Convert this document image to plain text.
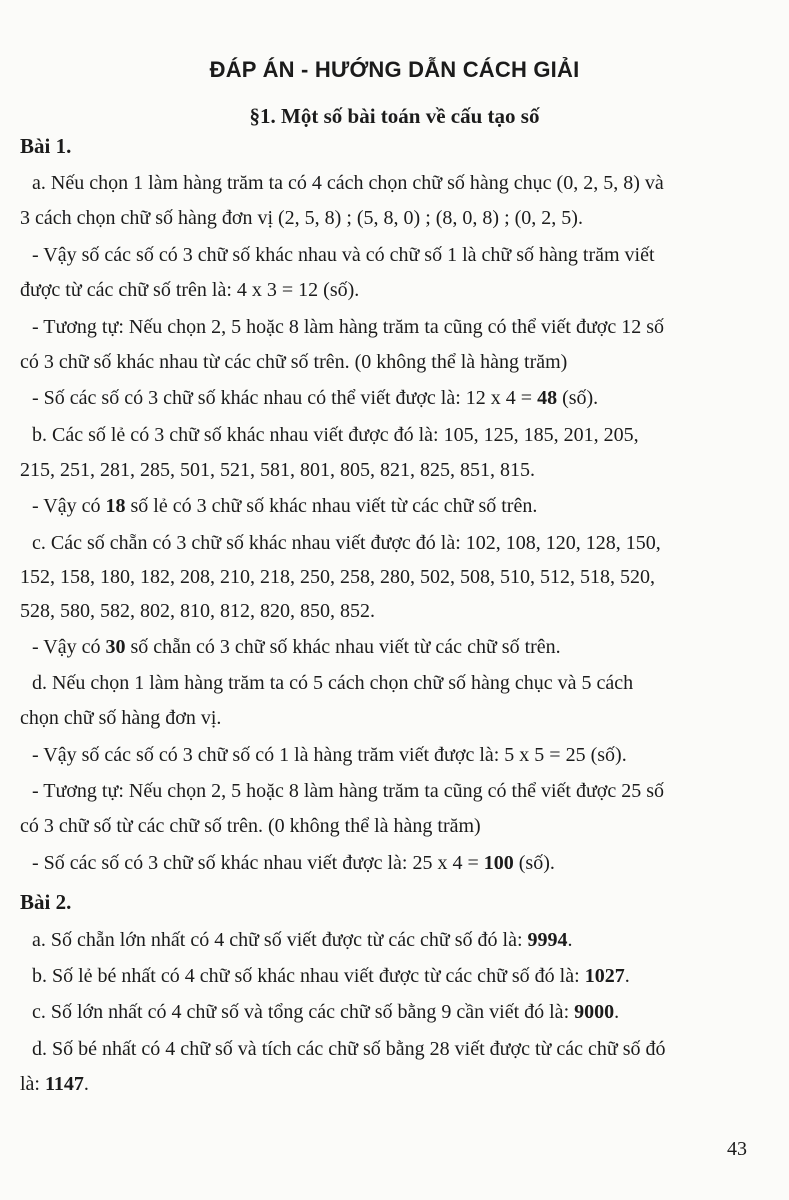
ĐÁP ÁN - HƯỚNG DẪN CÁCH GIẢI
§1. Một số bài toán về cấu tạo số
Bài 1.
a. Nếu chọn 1 làm hàng trăm ta có 4 cách chọn chữ số hàng chục (0, 2, 5, 8) và
3 cách chọn chữ số hàng đơn vị (2, 5, 8) ; (5, 8, 0) ; (8, 0, 8) ; (0, 2, 5).
- Vậy số các số có 3 chữ số khác nhau và có chữ số 1 là chữ số hàng trăm viết
được từ các chữ số trên là: 4 x 3 = 12 (số).
- Tương tự: Nếu chọn 2, 5 hoặc 8 làm hàng trăm ta cũng có thể viết được 12 số
có 3 chữ số khác nhau từ các chữ số trên. (0 không thể là hàng trăm)
- Số các số có 3 chữ số khác nhau có thể viết được là: 12 x 4 = 48 (số).
b. Các số lẻ có 3 chữ số khác nhau viết được đó là: 105, 125, 185, 201, 205,
215, 251, 281, 285, 501, 521, 581, 801, 805, 821, 825, 851, 815.
- Vậy có 18 số lẻ có 3 chữ số khác nhau viết từ các chữ số trên.
c. Các số chẵn có 3 chữ số khác nhau viết được đó là: 102, 108, 120, 128, 150,
152, 158, 180, 182, 208, 210, 218, 250, 258, 280, 502, 508, 510, 512, 518, 520,
528, 580, 582, 802, 810, 812, 820, 850, 852.
- Vậy có 30 số chẵn có 3 chữ số khác nhau viết từ các chữ số trên.
d. Nếu chọn 1 làm hàng trăm ta có 5 cách chọn chữ số hàng chục và 5 cách
chọn chữ số hàng đơn vị.
- Vậy số các số có 3 chữ số có 1 là hàng trăm viết được là: 5 x 5 = 25 (số).
- Tương tự: Nếu chọn 2, 5 hoặc 8 làm hàng trăm ta cũng có thể viết được 25 số
có 3 chữ số từ các chữ số trên. (0 không thể là hàng trăm)
- Số các số có 3 chữ số khác nhau viết được là: 25 x 4 = 100 (số).
Bài 2.
a. Số chẵn lớn nhất có 4 chữ số viết được từ các chữ số đó là: 9994.
b. Số lẻ bé nhất có 4 chữ số khác nhau viết được từ các chữ số đó là: 1027.
c. Số lớn nhất có 4 chữ số và tổng các chữ số bằng 9 cần viết đó là: 9000.
d. Số bé nhất có 4 chữ số và tích các chữ số bằng 28 viết được từ các chữ số đó
là: 1147.
43
